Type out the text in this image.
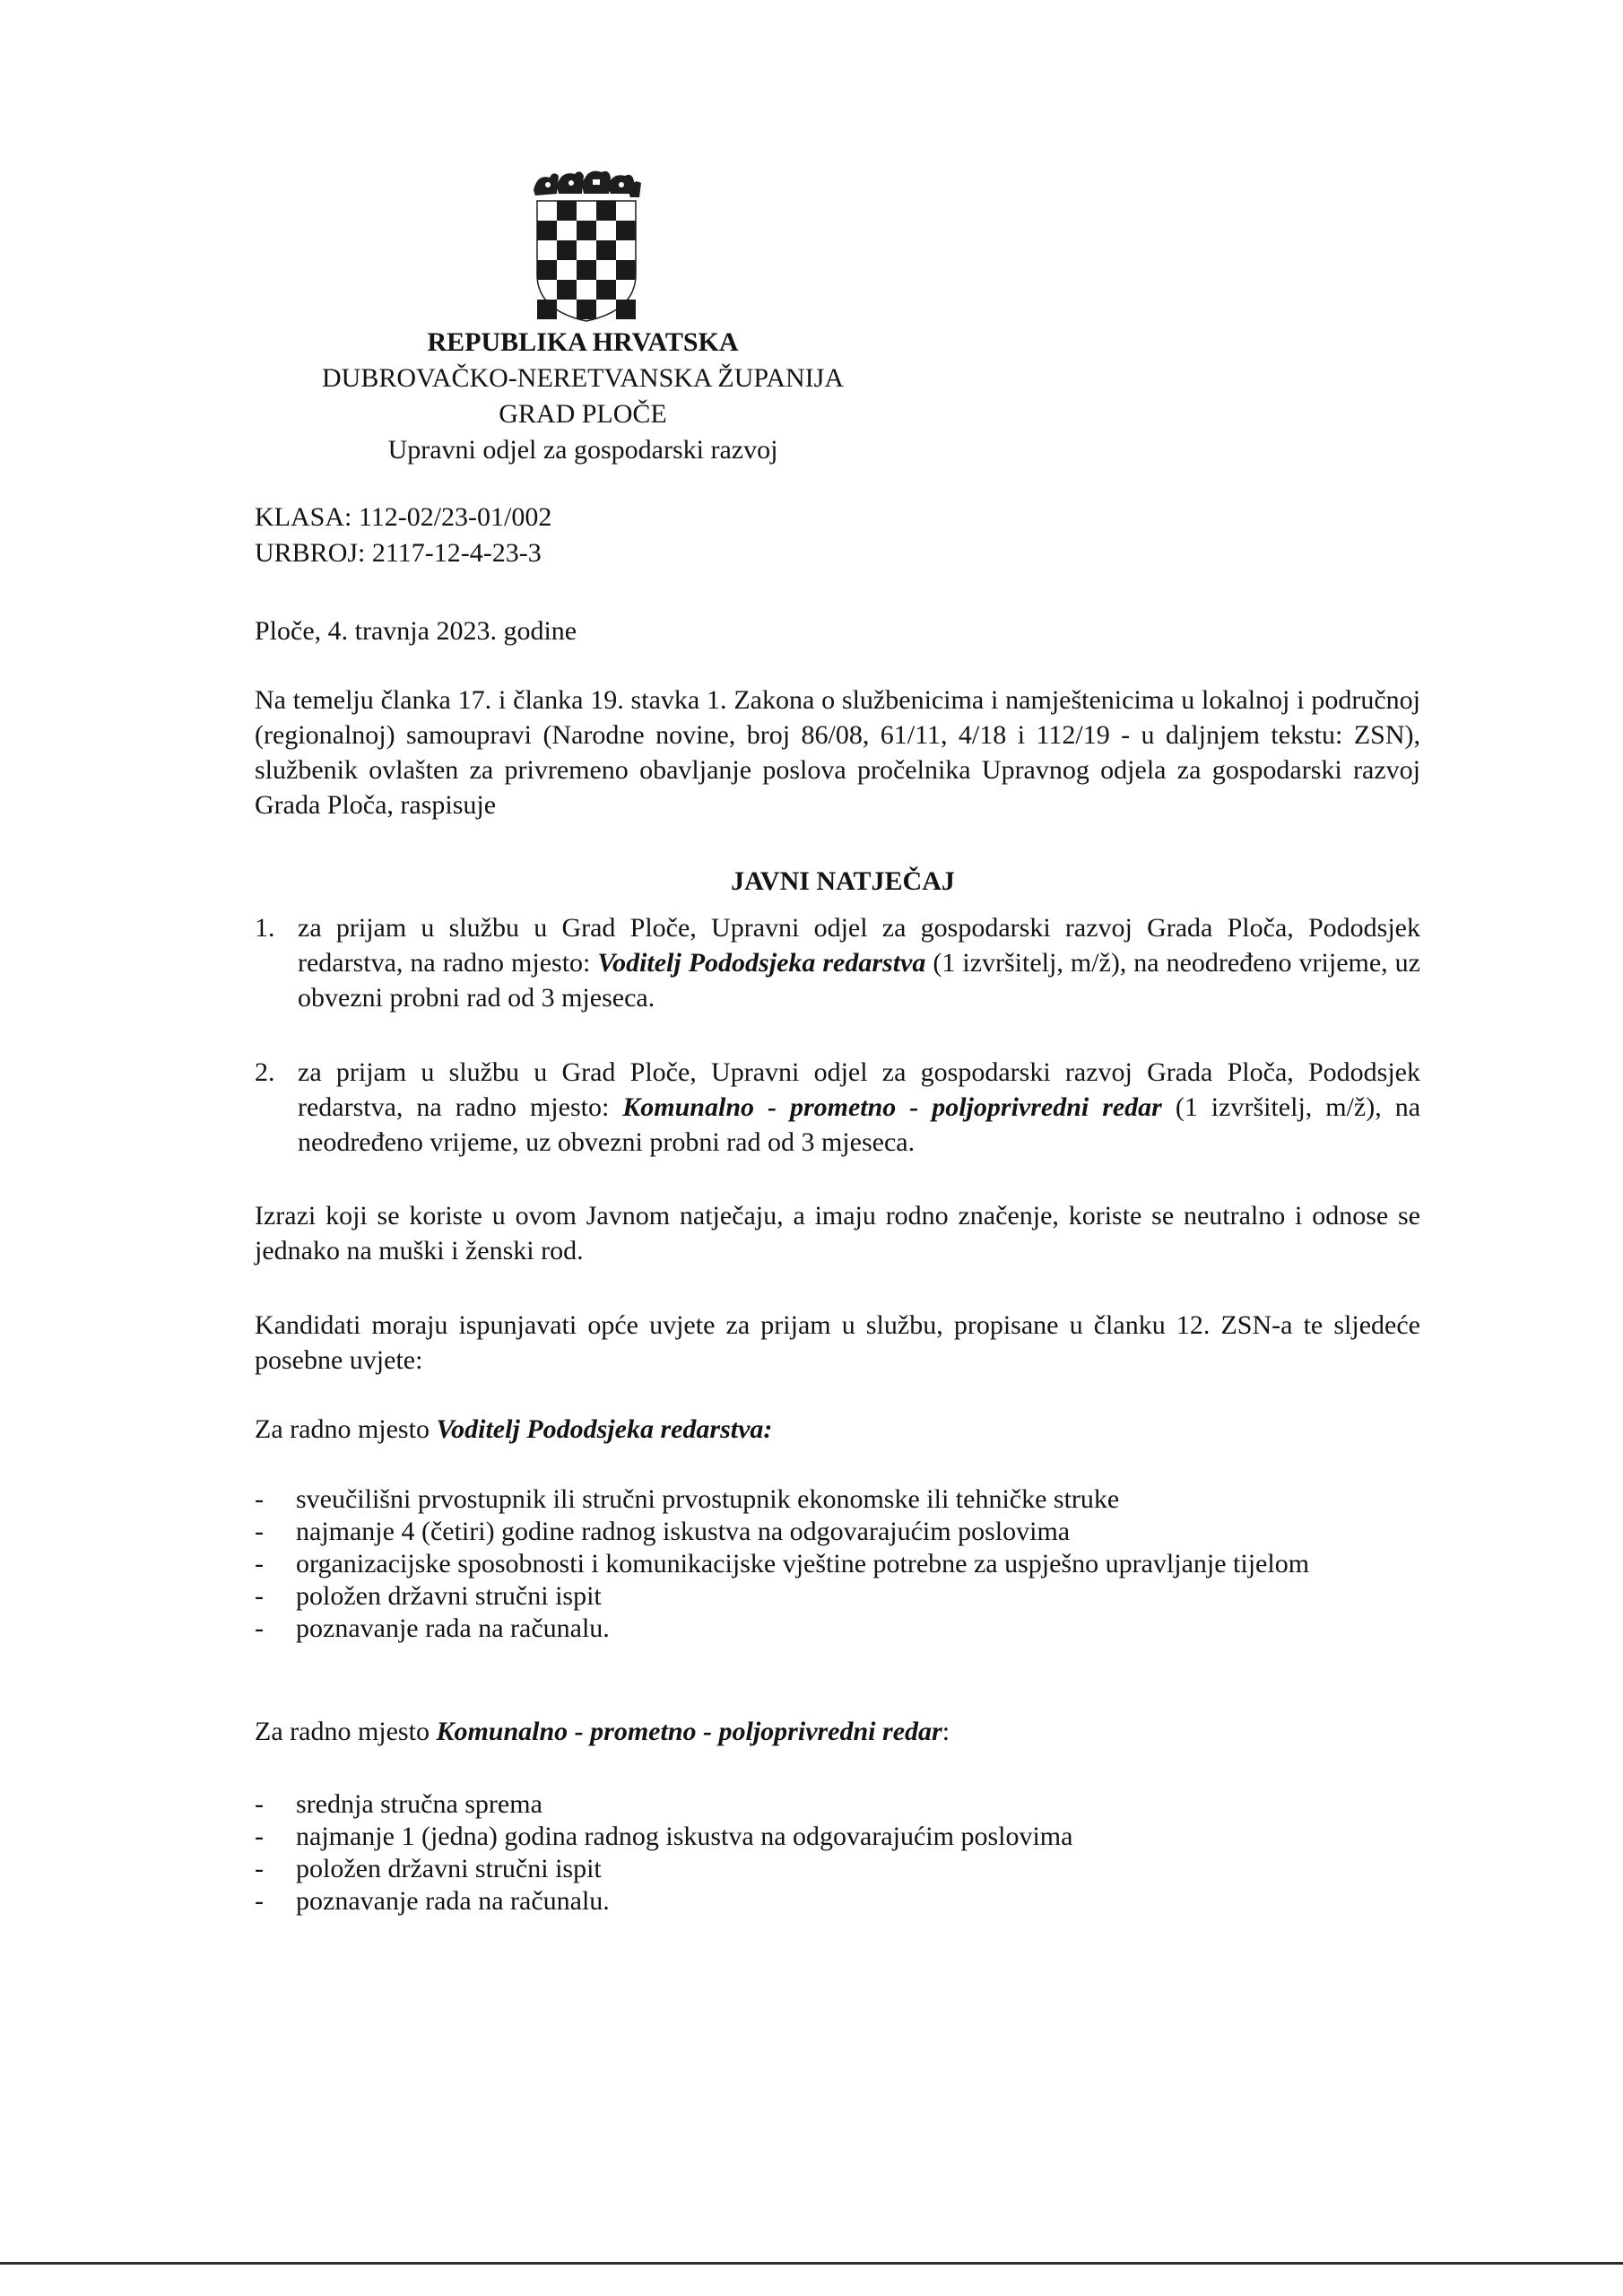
REPUBLIKA HRVATSKA
DUBROVAČKO-NERETVANSKA ŽUPANIJA
GRAD PLOČE
Upravni odjel za gospodarski razvoj
KLASA: 112-02/23-01/002
URBROJ: 2117-12-4-23-3
Ploče, 4. travnja 2023. godine
Na temelju članka 17. i članka 19. stavka 1. Zakona o službenicima i namještenicima u lokalnoj i područnoj (regionalnoj) samoupravi (Narodne novine, broj 86/08, 61/11, 4/18 i 112/19 - u daljnjem tekstu: ZSN), službenik ovlašten za privremeno obavljanje poslova pročelnika Upravnog odjela za gospodarski razvoj Grada Ploča, raspisuje
JAVNI NATJEČAJ
1. za prijam u službu u Grad Ploče, Upravni odjel za gospodarski razvoj Grada Ploča, Pododsjek redarstva, na radno mjesto: Voditelj Pododsjeka redarstva (1 izvršitelj, m/ž), na neodređeno vrijeme, uz obvezni probni rad od 3 mjeseca.
2. za prijam u službu u Grad Ploče, Upravni odjel za gospodarski razvoj Grada Ploča, Pododsjek redarstva, na radno mjesto: Komunalno - prometno - poljoprivredni redar (1 izvršitelj, m/ž), na neodređeno vrijeme, uz obvezni probni rad od 3 mjeseca.
Izrazi koji se koriste u ovom Javnom natječaju, a imaju rodno značenje, koriste se neutralno i odnose se jednako na muški i ženski rod.
Kandidati moraju ispunjavati opće uvjete za prijam u službu, propisane u članku 12. ZSN-a te sljedeće posebne uvjete:
Za radno mjesto Voditelj Pododsjeka redarstva:
- sveučilišni prvostupnik ili stručni prvostupnik ekonomske ili tehničke struke
- najmanje 4 (četiri) godine radnog iskustva na odgovarajućim poslovima
- organizacijske sposobnosti i komunikacijske vještine potrebne za uspješno upravljanje tijelom
- položen državni stručni ispit
- poznavanje rada na računalu.
Za radno mjesto Komunalno - prometno - poljoprivredni redar:
- srednja stručna sprema
- najmanje 1 (jedna) godina radnog iskustva na odgovarajućim poslovima
- položen državni stručni ispit
- poznavanje rada na računalu.
